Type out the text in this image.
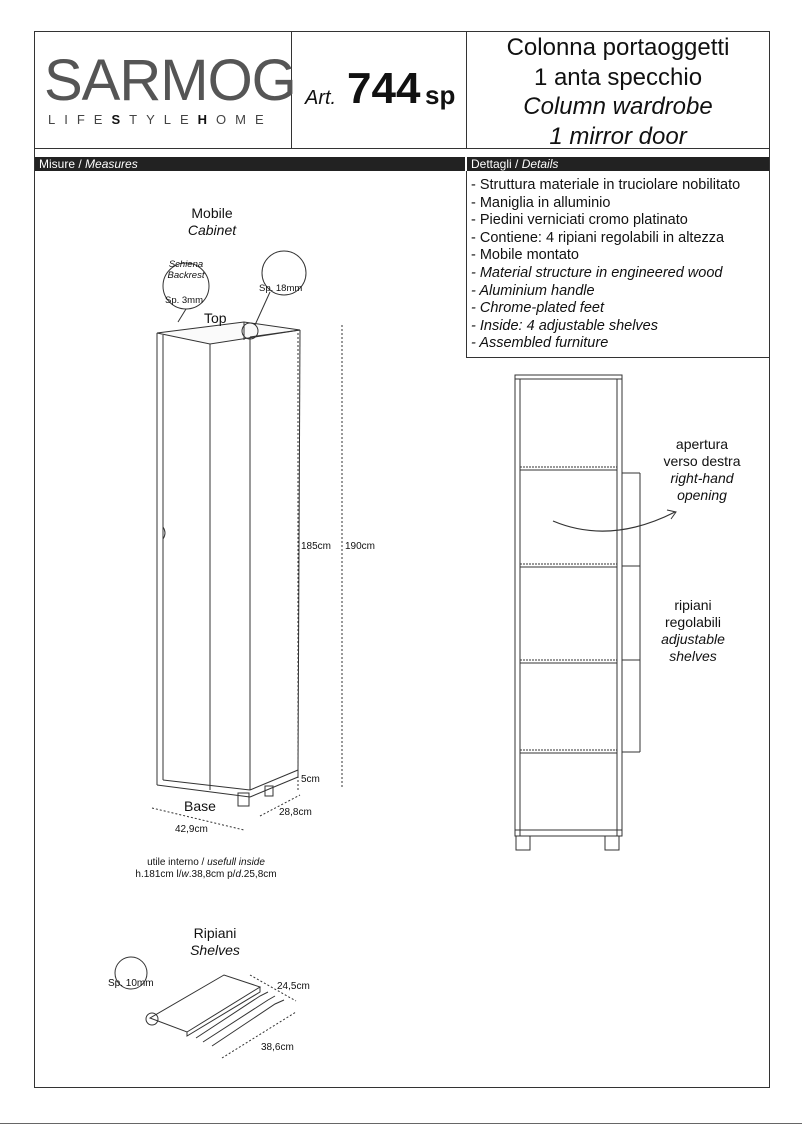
SARMOG
LIFESTYLEHOME
Art. 744 sp
Colonna portaoggetti
1 anta specchio
Column wardrobe
1 mirror door
Misure / Measures	Dettagli / Details
- Struttura materiale in truciolare nobilitato
- Maniglia in alluminio
- Piedini verniciati cromo platinato
- Contiene: 4 ripiani regolabili in altezza
- Mobile montato
- Material structure in engineered wood
- Aluminium handle
- Chrome-plated feet
- Inside: 4 adjustable shelves
- Assembled furniture
Mobile
Cabinet
Schiena
Backrest
Sp. 3mm
Sp. 18mm
Top
185cm 190cm
5cm
Base
42,9cm
28,8cm
utile interno / usefull inside
h.181cm l/w.38,8cm p/d.25,8cm
Ripiani
Shelves
Sp. 10mm	24,5cm
38,6cm
apertura
verso destra
right-hand
opening
ripiani
regolabili
adjustable
shelves
